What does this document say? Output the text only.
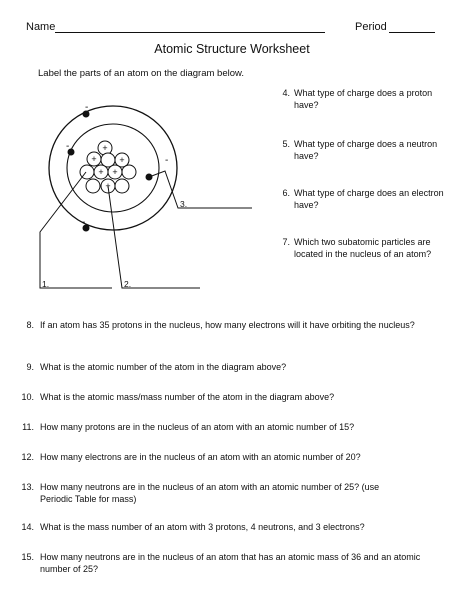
Name	Period
Atomic Structure Worksheet
Label the parts of an atom on the diagram below.
+
+	+
+ +
+
-
-
-
-
3.
1.	2.
4. What type of charge does a proton have?
5. What type of charge does a neutron have?
6. What type of charge does an electron have?
7. Which two subatomic particles are located in the nucleus of an atom?
8. If an atom has 35 protons in the nucleus, how many electrons will it have orbiting the nucleus?
9. What is the atomic number of the atom in the diagram above?
10. What is the atomic mass/mass number of the atom in the diagram above?
11. How many protons are in the nucleus of an atom with an atomic number of 15?
12. How many electrons are in the nucleus of an atom with an atomic number of 20?
13. How many neutrons are in the nucleus of an atom with an atomic number of 25? (use Periodic Table for mass)
14. What is the mass number of an atom with 3 protons, 4 neutrons, and 3 electrons?
15. How many neutrons are in the nucleus of an atom that has an atomic mass of 36 and an atomic number of 25?
